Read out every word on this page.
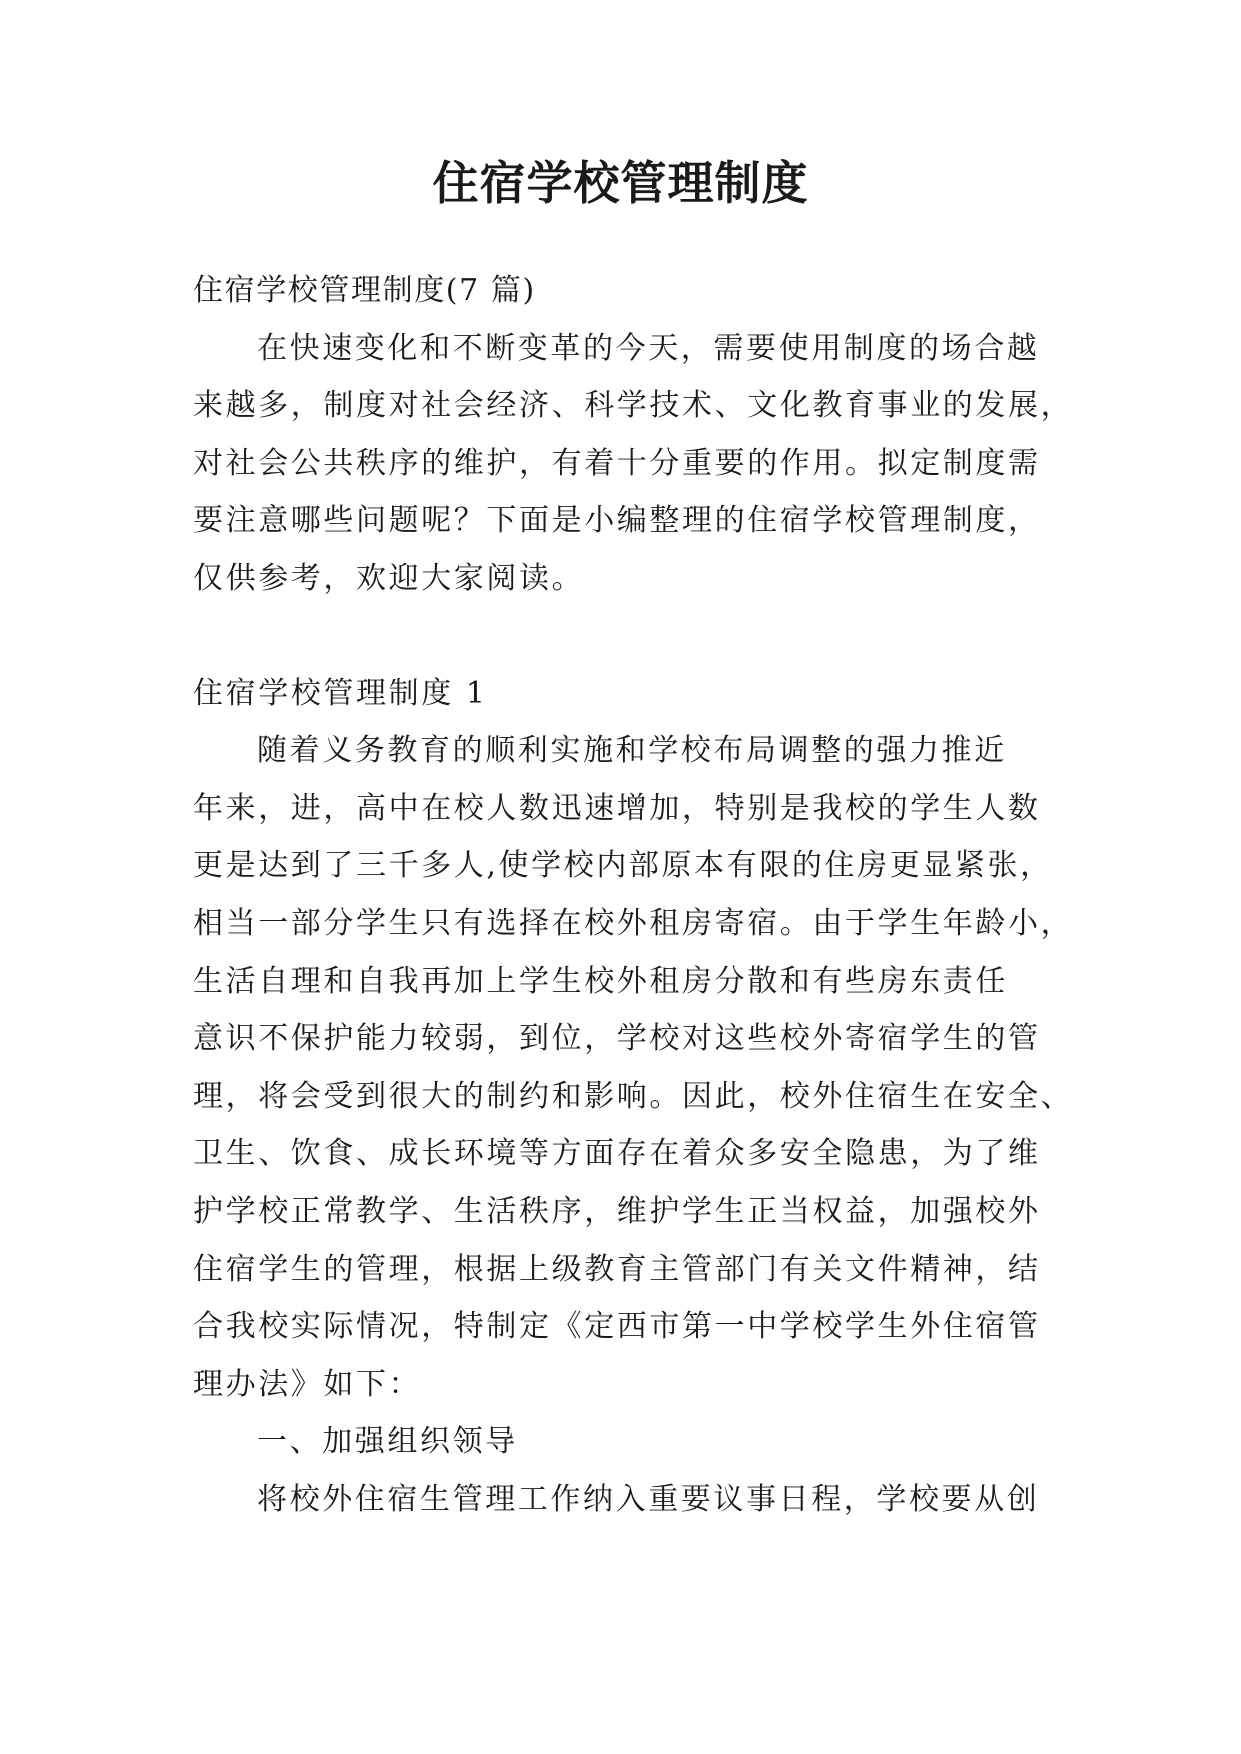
住宿学校管理制度
住宿学校管理制度(7 篇)
在快速变化和不断变革的今天，需要使用制度的场合越
来越多，制度对社会经济、科学技术、文化教育事业的发展，
对社会公共秩序的维护，有着十分重要的作用。拟定制度需
要注意哪些问题呢？下面是小编整理的住宿学校管理制度，
仅供参考，欢迎大家阅读。
住宿学校管理制度 1
随着义务教育的顺利实施和学校布局调整的强力推近
年来，进，高中在校人数迅速增加，特别是我校的学生人数
更是达到了三千多人,使学校内部原本有限的住房更显紧张，
相当一部分学生只有选择在校外租房寄宿。由于学生年龄小，
生活自理和自我再加上学生校外租房分散和有些房东责任
意识不保护能力较弱，到位，学校对这些校外寄宿学生的管
理，将会受到很大的制约和影响。因此，校外住宿生在安全、
卫生、饮食、成长环境等方面存在着众多安全隐患，为了维
护学校正常教学、生活秩序，维护学生正当权益，加强校外
住宿学生的管理，根据上级教育主管部门有关文件精神，结
合我校实际情况，特制定《定西市第一中学校学生外住宿管
理办法》如下：
一、加强组织领导
将校外住宿生管理工作纳入重要议事日程，学校要从创
